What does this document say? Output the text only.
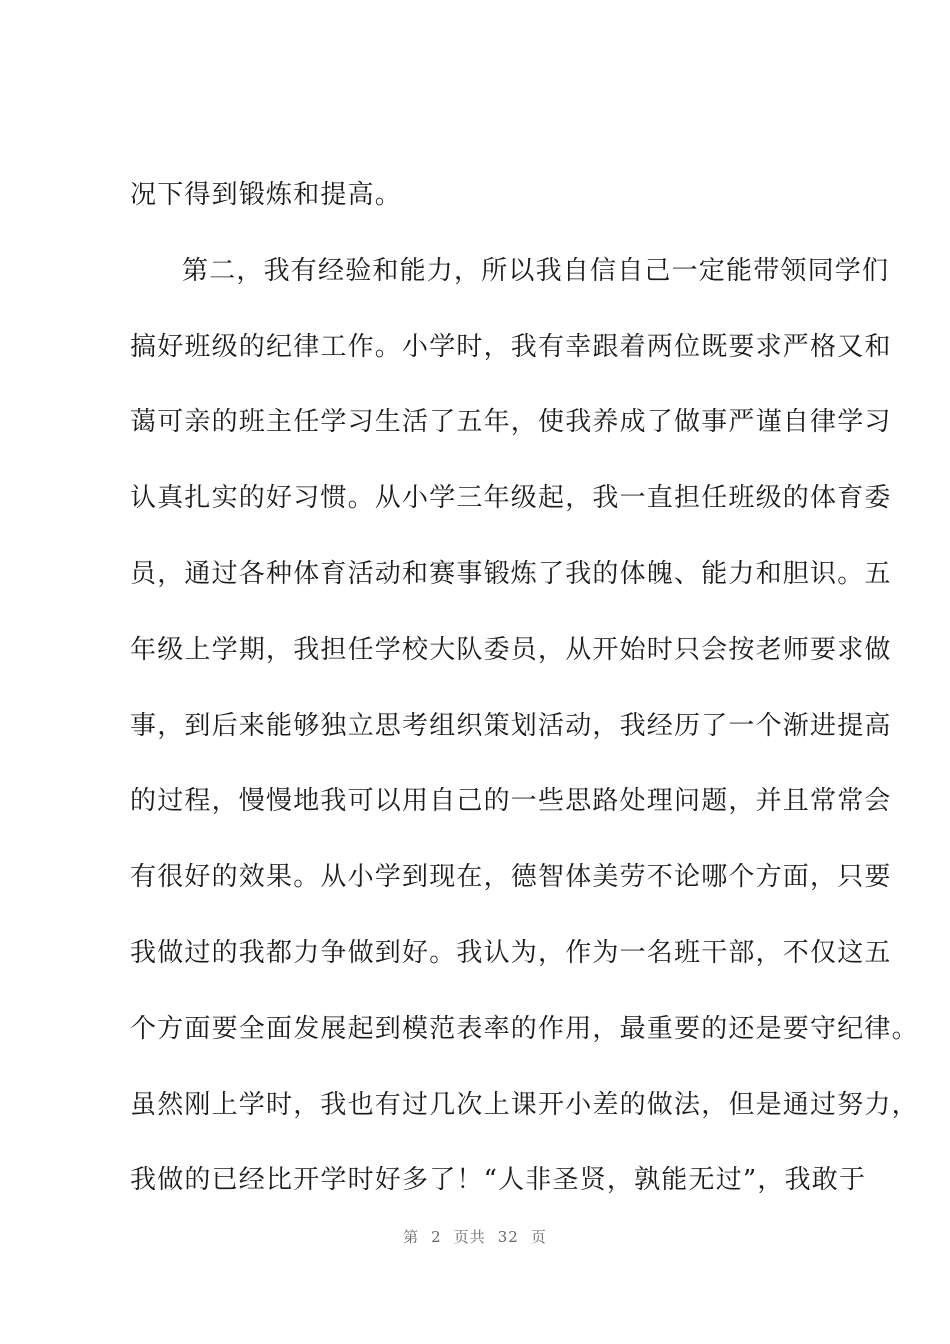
况下得到锻炼和提高。
第二，我有经验和能力，所以我自信自己一定能带领同学们
搞好班级的纪律工作。小学时，我有幸跟着两位既要求严格又和
蔼可亲的班主任学习生活了五年，使我养成了做事严谨自律学习
认真扎实的好习惯。从小学三年级起，我一直担任班级的体育委
员，通过各种体育活动和赛事锻炼了我的体魄、能力和胆识。五
年级上学期，我担任学校大队委员，从开始时只会按老师要求做
事，到后来能够独立思考组织策划活动，我经历了一个渐进提高
的过程，慢慢地我可以用自己的一些思路处理问题，并且常常会
有很好的效果。从小学到现在，德智体美劳不论哪个方面，只要
我做过的我都力争做到好。我认为，作为一名班干部，不仅这五
个方面要全面发展起到模范表率的作用，最重要的还是要守纪律。
虽然刚上学时，我也有过几次上课开小差的做法，但是通过努力，
我做的已经比开学时好多了！“人非圣贤，孰能无过”，我敢于
第 2 页共 32 页
